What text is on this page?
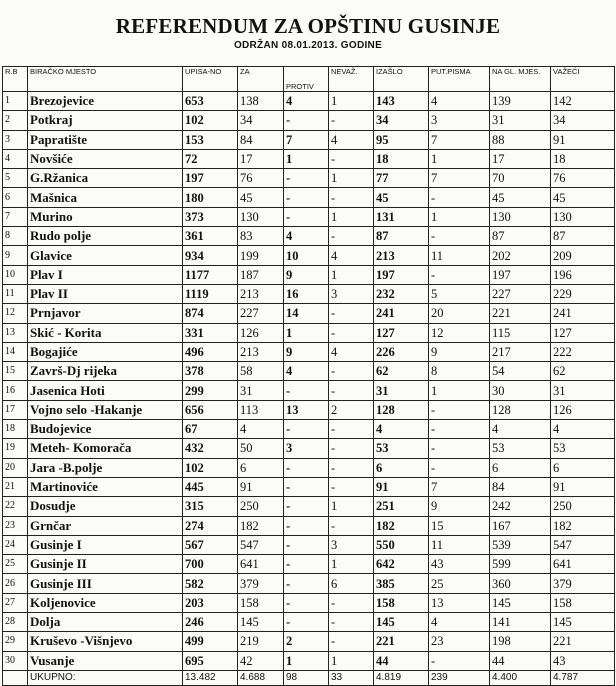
REFERENDUM ZA OPŠTINU GUSINJE
ODRŽAN 08.01.2013. GODINE
R.B	BIRAČKO MJESTO	UPISA-NO	ZA	PROTIV	NEVAŽ.	IZAŠLO	PUT.PISMA	NA GL. MJES.	VAŽEĆI
1	Brezojevice	653	138	4	1	143	4	139	142
2	Potkraj	102	34	-	-	34	3	31	34
3	Papratište	153	84	7	4	95	7	88	91
4	Novšiće	72	17	1	-	18	1	17	18
5	G.Ržanica	197	76	-	1	77	7	70	76
6	Mašnica	180	45	-	-	45	-	45	45
7	Murino	373	130	-	1	131	1	130	130
8	Rudo polje	361	83	4	-	87	-	87	87
9	Glavice	934	199	10	4	213	11	202	209
10	Plav I	1177	187	9	1	197	-	197	196
11	Plav II	1119	213	16	3	232	5	227	229
12	Prnjavor	874	227	14	-	241	20	221	241
13	Skić - Korita	331	126	1	-	127	12	115	127
14	Bogajiće	496	213	9	4	226	9	217	222
15	Završ-Dj rijeka	378	58	4	-	62	8	54	62
16	Jasenica Hoti	299	31	-	-	31	1	30	31
17	Vojno selo -Hakanje	656	113	13	2	128	-	128	126
18	Budojevice	67	4	-	-	4	-	4	4
19	Meteh- Komorača	432	50	3	-	53	-	53	53
20	Jara -B.polje	102	6	-	-	6	-	6	6
21	Martinoviće	445	91	-	-	91	7	84	91
22	Dosudje	315	250	-	1	251	9	242	250
23	Grnčar	274	182	-	-	182	15	167	182
24	Gusinje I	567	547	-	3	550	11	539	547
25	Gusinje II	700	641	-	1	642	43	599	641
26	Gusinje III	582	379	-	6	385	25	360	379
27	Koljenovice	203	158	-	-	158	13	145	158
28	Dolja	246	145	-	-	145	4	141	145
29	Kruševo -Višnjevo	499	219	2	-	221	23	198	221
30	Vusanje	695	42	1	1	44	-	44	43
	UKUPNO:	13.482	4.688	98	33	4.819	239	4.400	4.787
